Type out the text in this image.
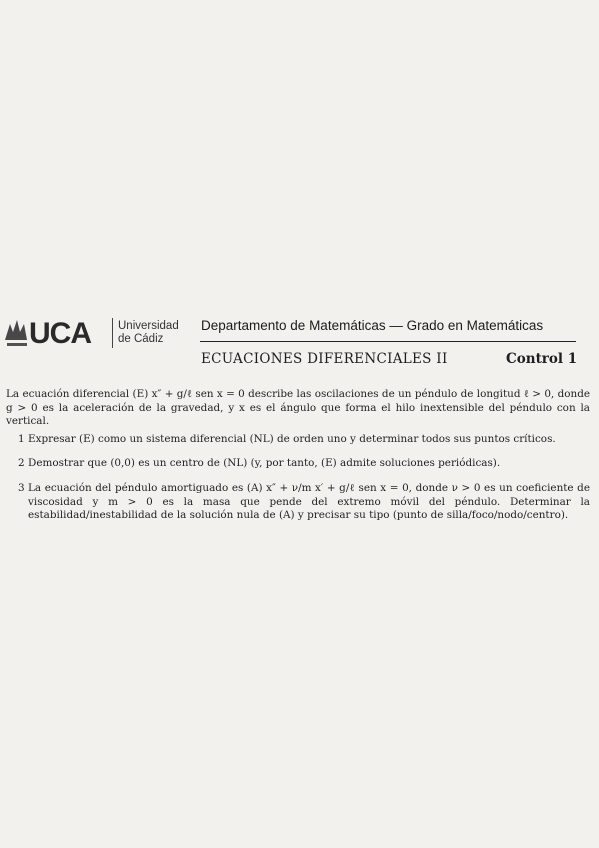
UCA Universidad
de Cádiz
Departamento de Matemáticas — Grado en Matemáticas
ECUACIONES DIFERENCIALES II	Control 1

La ecuación diferencial (E) x″ + g/ℓ sen x = 0 describe las oscilaciones de un péndulo de longitud ℓ > 0, donde g > 0 es la aceleración de la gravedad, y x es el ángulo que forma el hilo inextensible del péndulo con la vertical.

1 Expresar (E) como un sistema diferencial (NL) de orden uno y determinar todos sus puntos críticos.
2 Demostrar que (0,0) es un centro de (NL) (y, por tanto, (E) admite soluciones periódicas).
3 La ecuación del péndulo amortiguado es (A) x″ + ν/m x′ + g/ℓ sen x = 0, donde ν > 0 es un coeficiente de viscosidad y m > 0 es la masa que pende del extremo móvil del péndulo. Determinar la estabilidad/inestabilidad de la solución nula de (A) y precisar su tipo (punto de silla/foco/nodo/centro).
